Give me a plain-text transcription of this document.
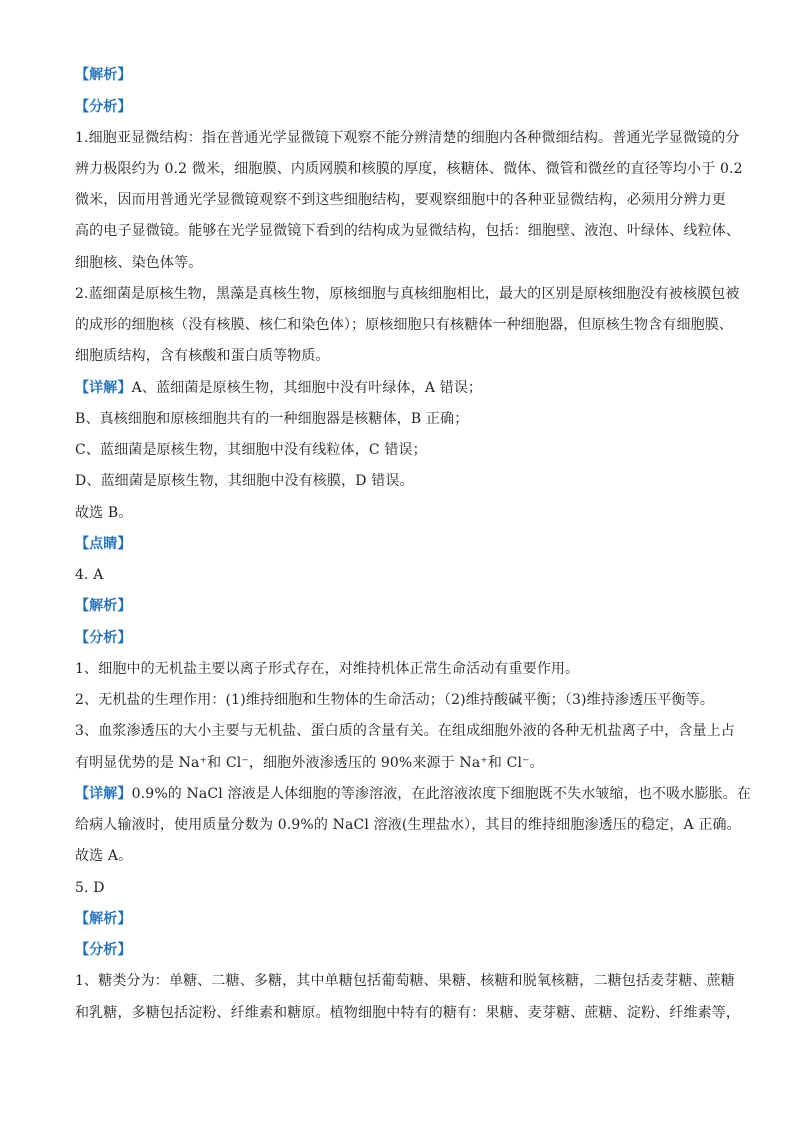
【解析】
【分析】
1.细胞亚显微结构：指在普通光学显微镜下观察不能分辨清楚的细胞内各种微细结构。普通光学显微镜的分
辨力极限约为 0.2 微米，细胞膜、内质网膜和核膜的厚度，核糖体、微体、微管和微丝的直径等均小于 0.2
微米，因而用普通光学显微镜观察不到这些细胞结构，要观察细胞中的各种亚显微结构，必须用分辨力更
高的电子显微镜。能够在光学显微镜下看到的结构成为显微结构，包括：细胞壁、液泡、叶绿体、线粒体、
细胞核、染色体等。
2.蓝细菌是原核生物，黑藻是真核生物，原核细胞与真核细胞相比，最大的区别是原核细胞没有被核膜包被
的成形的细胞核（没有核膜、核仁和染色体）；原核细胞只有核糖体一种细胞器，但原核生物含有细胞膜、
细胞质结构，含有核酸和蛋白质等物质。
【详解】A、蓝细菌是原核生物，其细胞中没有叶绿体，A 错误；
B、真核细胞和原核细胞共有的一种细胞器是核糖体，B 正确；
C、蓝细菌是原核生物，其细胞中没有线粒体，C 错误；
D、蓝细菌是原核生物，其细胞中没有核膜，D 错误。
故选 B。
【点睛】
4. A
【解析】
【分析】
1、细胞中的无机盐主要以离子形式存在，对维持机体正常生命活动有重要作用。
2、无机盐的生理作用：(1)维持细胞和生物体的生命活动；（2)维持酸碱平衡；（3)维持渗透压平衡等。
3、血浆渗透压的大小主要与无机盐、蛋白质的含量有关。在组成细胞外液的各种无机盐离子中，含量上占
有明显优势的是 Na⁺和 Cl⁻，细胞外液渗透压的 90%来源于 Na⁺和 Cl⁻。
【详解】0.9%的 NaCl 溶液是人体细胞的等渗溶液，在此溶液浓度下细胞既不失水皱缩，也不吸水膨胀。在
给病人输液时，使用质量分数为 0.9%的 NaCl 溶液(生理盐水），其目的维持细胞渗透压的稳定，A 正确。
故选 A。
5. D
【解析】
【分析】
1、糖类分为：单糖、二糖、多糖，其中单糖包括葡萄糖、果糖、核糖和脱氧核糖，二糖包括麦芽糖、蔗糖
和乳糖，多糖包括淀粉、纤维素和糖原。植物细胞中特有的糖有：果糖、麦芽糖、蔗糖、淀粉、纤维素等，
